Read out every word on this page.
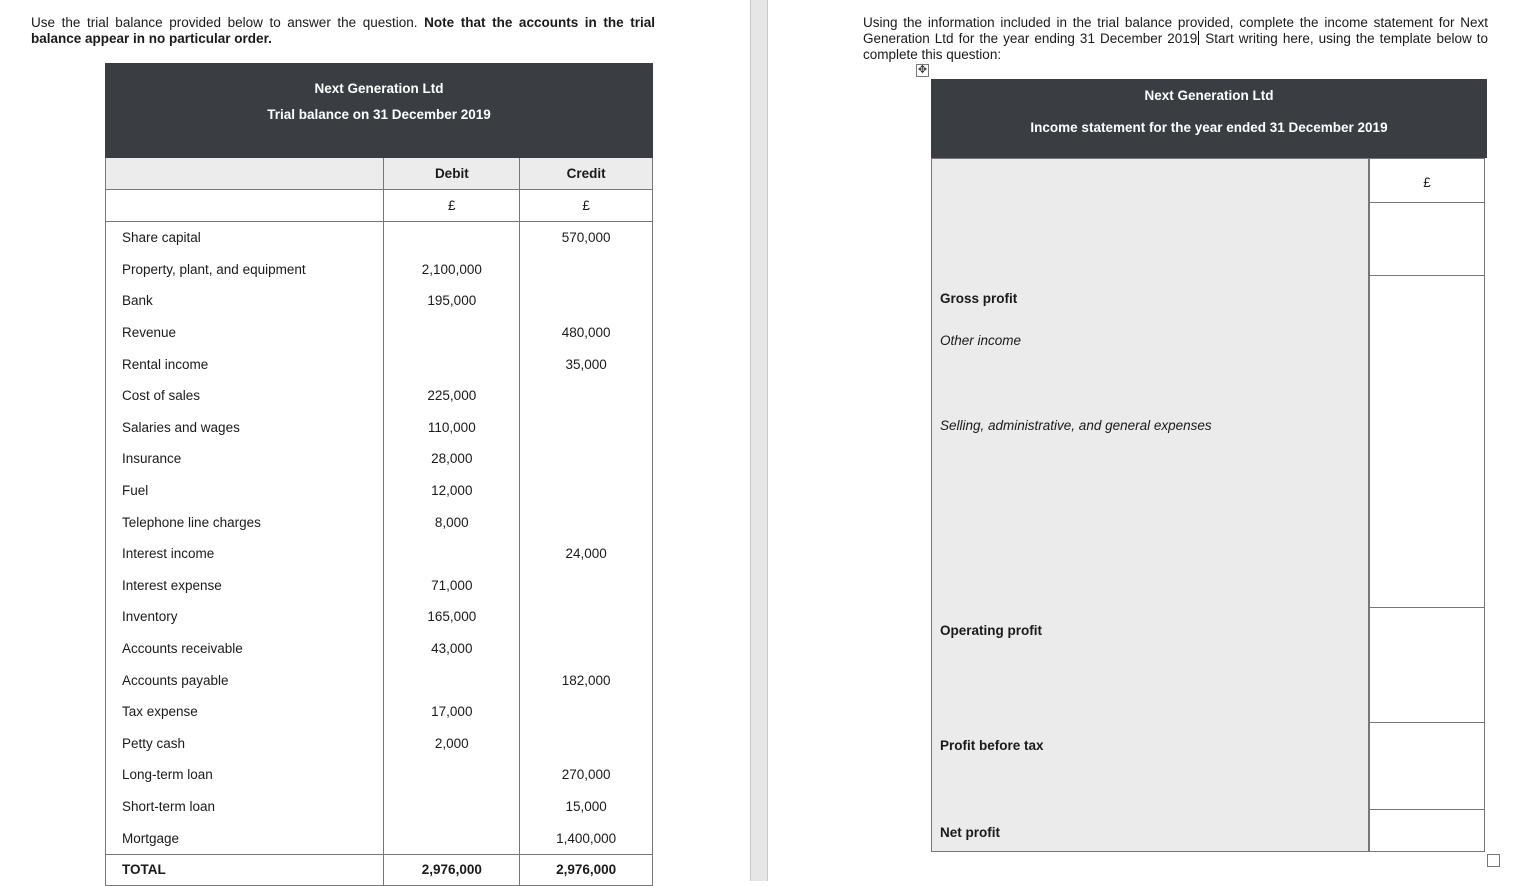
Use the trial balance provided below to answer the question. Note that the accounts in the trial balance appear in no particular order.
Next Generation Ltd		
Trial balance on 31 December 2019		
	Debit	Credit
	£	£
Share capital		570,000
Property, plant, and equipment	2,100,000	
Bank	195,000	
Revenue		480,000
Rental income		35,000
Cost of sales	225,000	
Salaries and wages	110,000	
Insurance	28,000	
Fuel	12,000	
Telephone line charges	8,000	
Interest income		24,000
Interest expense	71,000	
Inventory	165,000	
Accounts receivable	43,000	
Accounts payable		182,000
Tax expense	17,000	
Petty cash	2,000	
Long-term loan		270,000
Short-term loan		15,000
Mortgage		1,400,000
TOTAL	2,976,000	2,976,000
Using the information included in the trial balance provided, complete the income statement for Next Generation Ltd for the year ending 31 December 2019 Start writing here, using the template below to complete this question:
✥
Next Generation Ltd
Income statement for the year ended 31 December 2019
£
Gross profit
Other income
Selling, administrative, and general expenses
Operating profit
Profit before tax
Net profit
